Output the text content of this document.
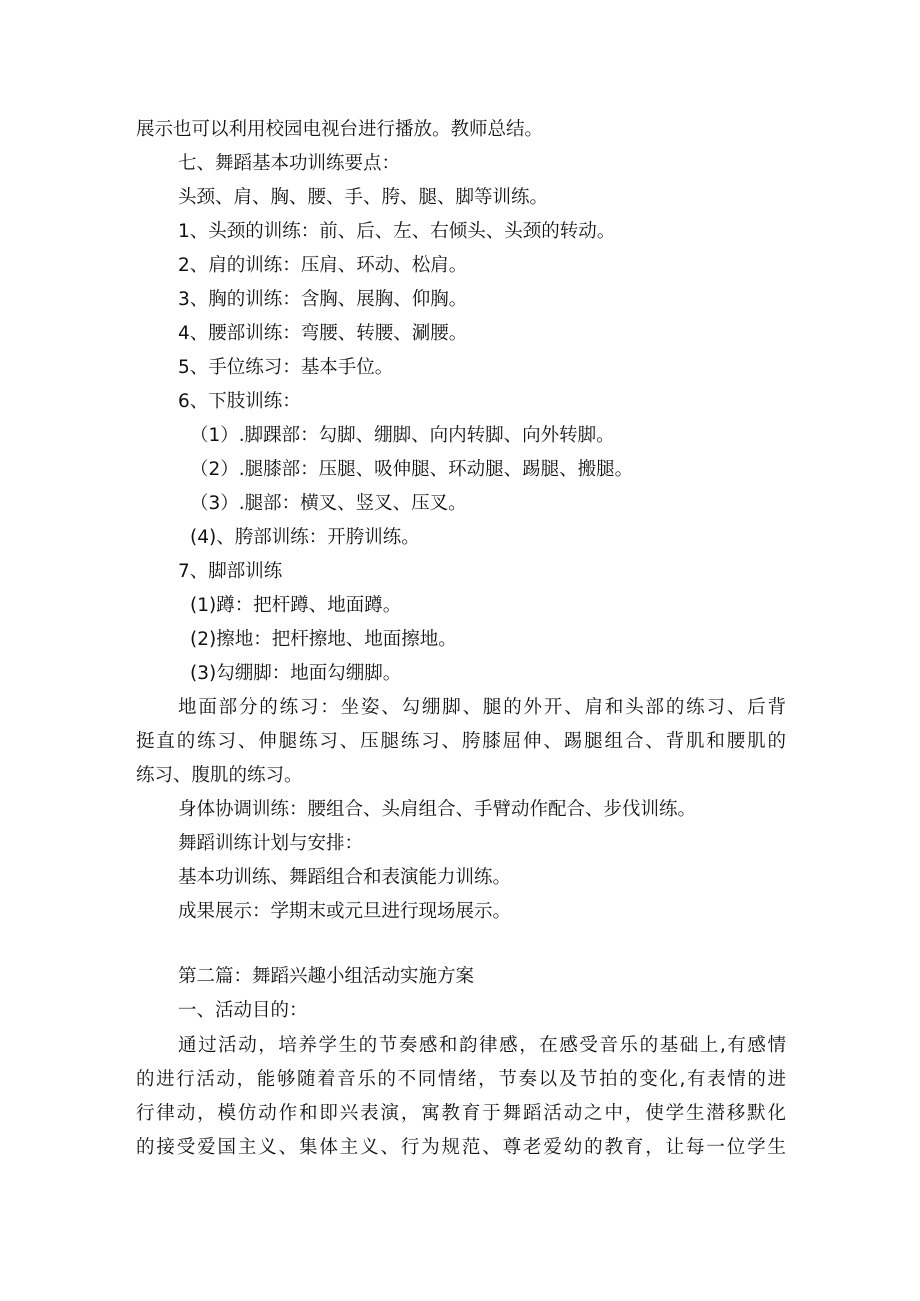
展示也可以利用校园电视台进行播放。教师总结。
七、舞蹈基本功训练要点：
头颈、肩、胸、腰、手、胯、腿、脚等训练。
1、头颈的训练：前、后、左、右倾头、头颈的转动。
2、肩的训练：压肩、环动、松肩。
3、胸的训练：含胸、展胸、仰胸。
4、腰部训练：弯腰、转腰、涮腰。
5、手位练习：基本手位。
6、下肢训练：
（1）.脚踝部：勾脚、绷脚、向内转脚、向外转脚。
（2）.腿膝部：压腿、吸伸腿、环动腿、踢腿、搬腿。
（3）.腿部：横叉、竖叉、压叉。
(4)、胯部训练：开胯训练。
7、脚部训练
(1)蹲：把杆蹲、地面蹲。
(2)擦地：把杆擦地、地面擦地。
(3)勾绷脚：地面勾绷脚。
地面部分的练习：坐姿、勾绷脚、腿的外开、肩和头部的练习、后背
挺直的练习、伸腿练习、压腿练习、胯膝屈伸、踢腿组合、背肌和腰肌的
练习、腹肌的练习。
身体协调训练：腰组合、头肩组合、手臂动作配合、步伐训练。
舞蹈训练计划与安排：
基本功训练、舞蹈组合和表演能力训练。
成果展示：学期末或元旦进行现场展示。
第二篇：舞蹈兴趣小组活动实施方案
一、活动目的：
通过活动，培养学生的节奏感和韵律感，在感受音乐的基础上,有感情
的进行活动，能够随着音乐的不同情绪，节奏以及节拍的变化,有表情的进
行律动，模仿动作和即兴表演，寓教育于舞蹈活动之中，使学生潜移默化
的接受爱国主义、集体主义、行为规范、尊老爱幼的教育，让每一位学生
